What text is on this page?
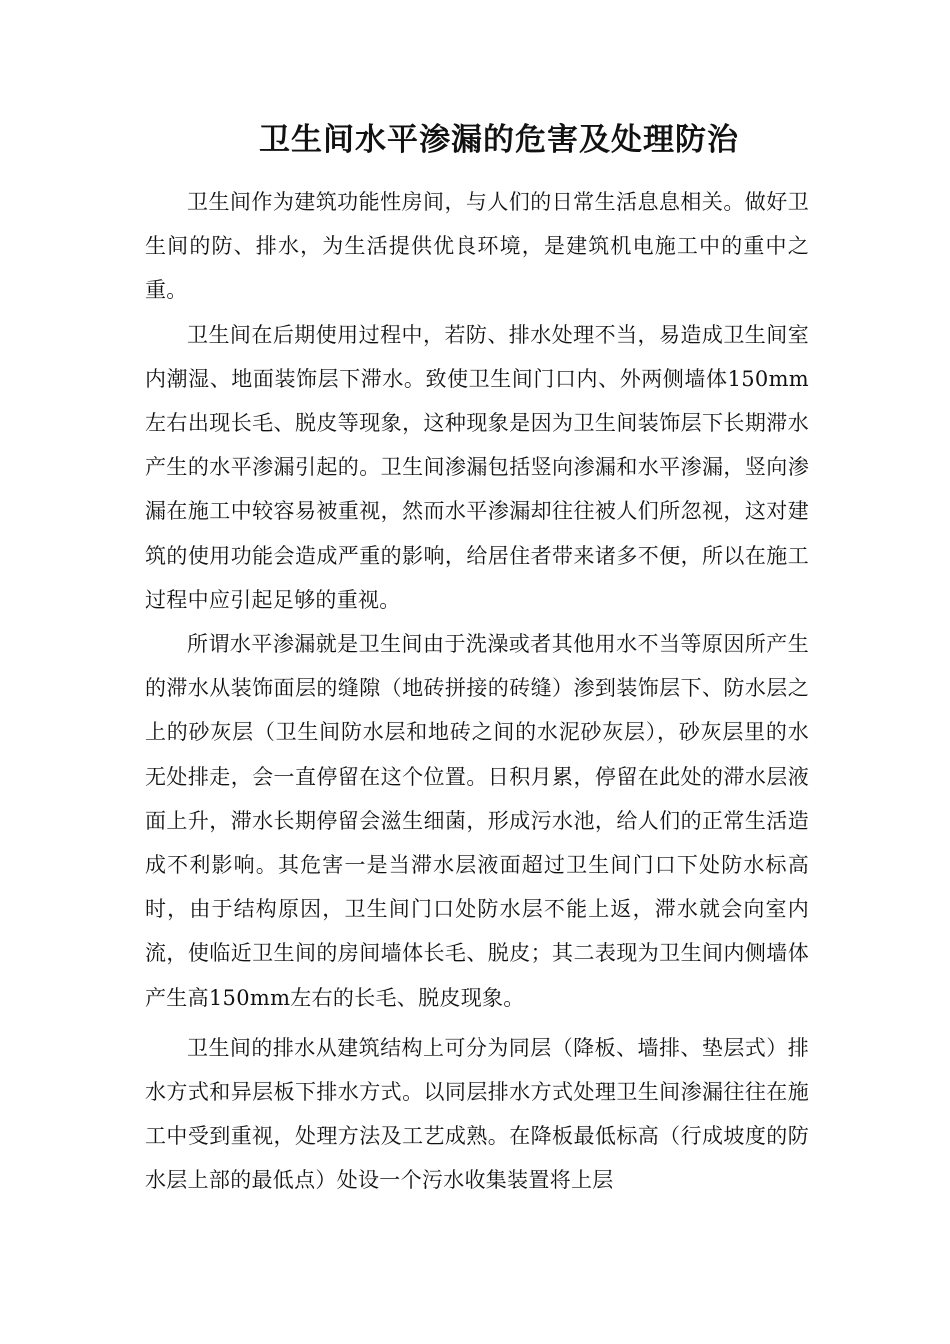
卫生间水平渗漏的危害及处理防治

卫生间作为建筑功能性房间，与人们的日常生活息息相关。做好卫生间的防、排水，为生活提供优良环境，是建筑机电施工中的重中之重。

卫生间在后期使用过程中，若防、排水处理不当，易造成卫生间室内潮湿、地面装饰层下滞水。致使卫生间门口内、外两侧墙体150mm左右出现长毛、脱皮等现象，这种现象是因为卫生间装饰层下长期滞水产生的水平渗漏引起的。卫生间渗漏包括竖向渗漏和水平渗漏，竖向渗漏在施工中较容易被重视，然而水平渗漏却往往被人们所忽视，这对建筑的使用功能会造成严重的影响，给居住者带来诸多不便，所以在施工过程中应引起足够的重视。

所谓水平渗漏就是卫生间由于洗澡或者其他用水不当等原因所产生的滞水从装饰面层的缝隙（地砖拼接的砖缝）渗到装饰层下、防水层之上的砂灰层（卫生间防水层和地砖之间的水泥砂灰层），砂灰层里的水无处排走，会一直停留在这个位置。日积月累，停留在此处的滞水层液面上升，滞水长期停留会滋生细菌，形成污水池，给人们的正常生活造成不利影响。其危害一是当滞水层液面超过卫生间门口下处防水标高时，由于结构原因，卫生间门口处防水层不能上返，滞水就会向室内流，使临近卫生间的房间墙体长毛、脱皮；其二表现为卫生间内侧墙体产生高150mm左右的长毛、脱皮现象。

卫生间的排水从建筑结构上可分为同层（降板、墙排、垫层式）排水方式和异层板下排水方式。以同层排水方式处理卫生间渗漏往往在施工中受到重视，处理方法及工艺成熟。在降板最低标高（行成坡度的防水层上部的最低点）处设一个污水收集装置将上层
